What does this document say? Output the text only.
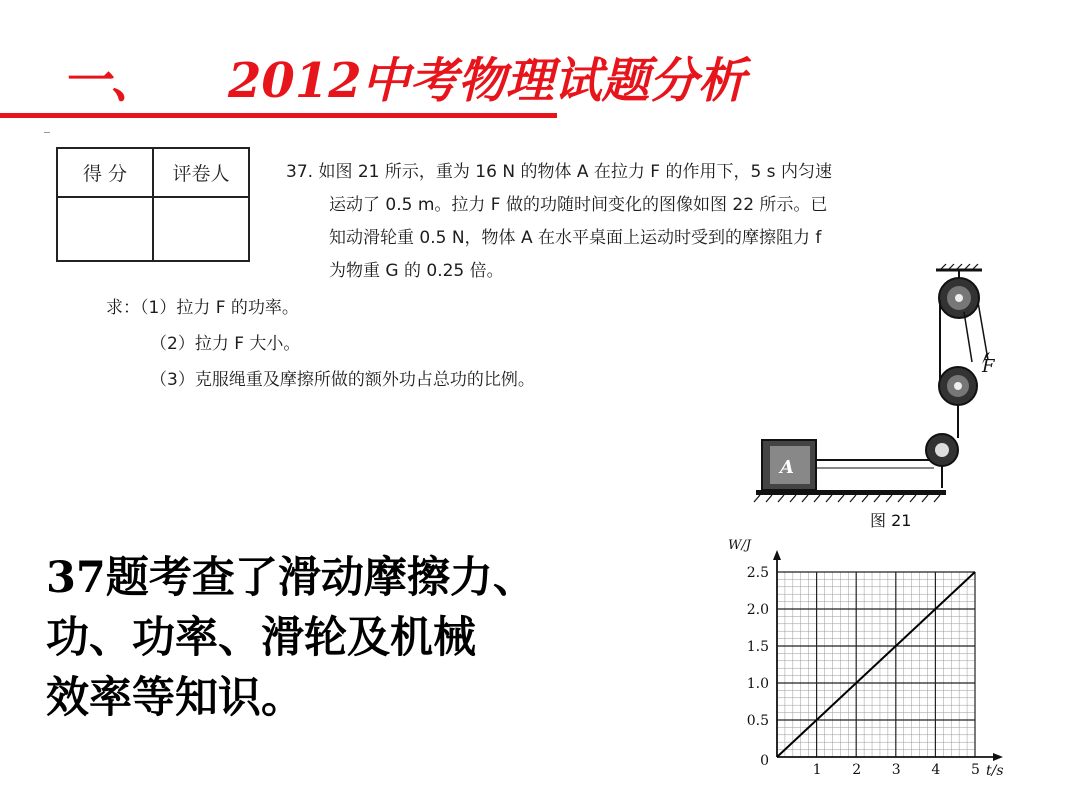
一、 2012中考物理试题分析
得 分	评卷人
		37. 如图 21 所示，重为 16 N 的物体 A 在拉力 F 的作用下，5 s 内匀速
运动了 0.5 m。拉力 F 做的功随时间变化的图像如图 22 所示。已
知动滑轮重 0.5 N，物体 A 在水平桌面上运动时受到的摩擦阻力 f
为物重 G 的 0.25 倍。
求：（1）拉力 F 的功率。
（2）拉力 F 大小。
（3）克服绳重及摩擦所做的额外功占总功的比例。
F
A
图 21
37题考查了滑动摩擦力、
功、功率、滑轮及机械
效率等知识。
1 2 3 4 5
0
0.5
1.0
1.5
2.0
2.5
W/J
t/s
